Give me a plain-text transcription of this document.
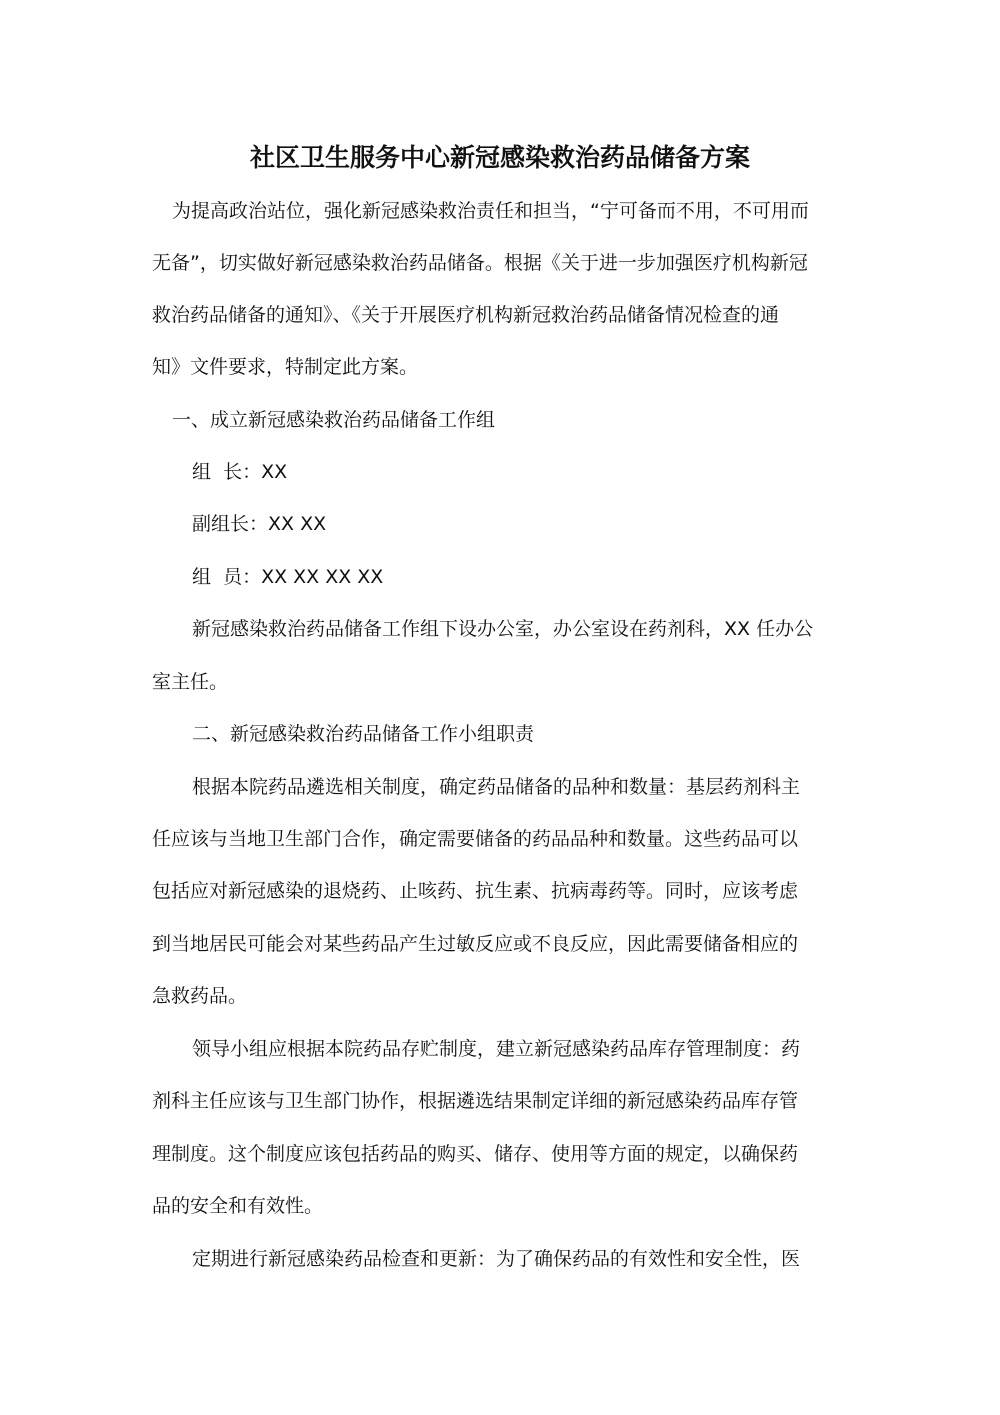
社区卫生服务中心新冠感染救治药品储备方案

为提高政治站位，强化新冠感染救治责任和担当，“宁可备而不用，不可用而

无备”，切实做好新冠感染救治药品储备。根据《关于进一步加强医疗机构新冠

救治药品储备的通知》、《关于开展医疗机构新冠救治药品储备情况检查的通

知》文件要求，特制定此方案。

一、成立新冠感染救治药品储备工作组

组  长：XX

副组长：XX XX

组  员：XX XX XX XX

新冠感染救治药品储备工作组下设办公室，办公室设在药剂科，XX 任办公

室主任。

二、新冠感染救治药品储备工作小组职责

根据本院药品遴选相关制度，确定药品储备的品种和数量：基层药剂科主

任应该与当地卫生部门合作，确定需要储备的药品品种和数量。这些药品可以

包括应对新冠感染的退烧药、止咳药、抗生素、抗病毒药等。同时，应该考虑

到当地居民可能会对某些药品产生过敏反应或不良反应，因此需要储备相应的

急救药品。

领导小组应根据本院药品存贮制度，建立新冠感染药品库存管理制度：药

剂科主任应该与卫生部门协作，根据遴选结果制定详细的新冠感染药品库存管

理制度。这个制度应该包括药品的购买、储存、使用等方面的规定，以确保药

品的安全和有效性。

定期进行新冠感染药品检查和更新：为了确保药品的有效性和安全性，医
